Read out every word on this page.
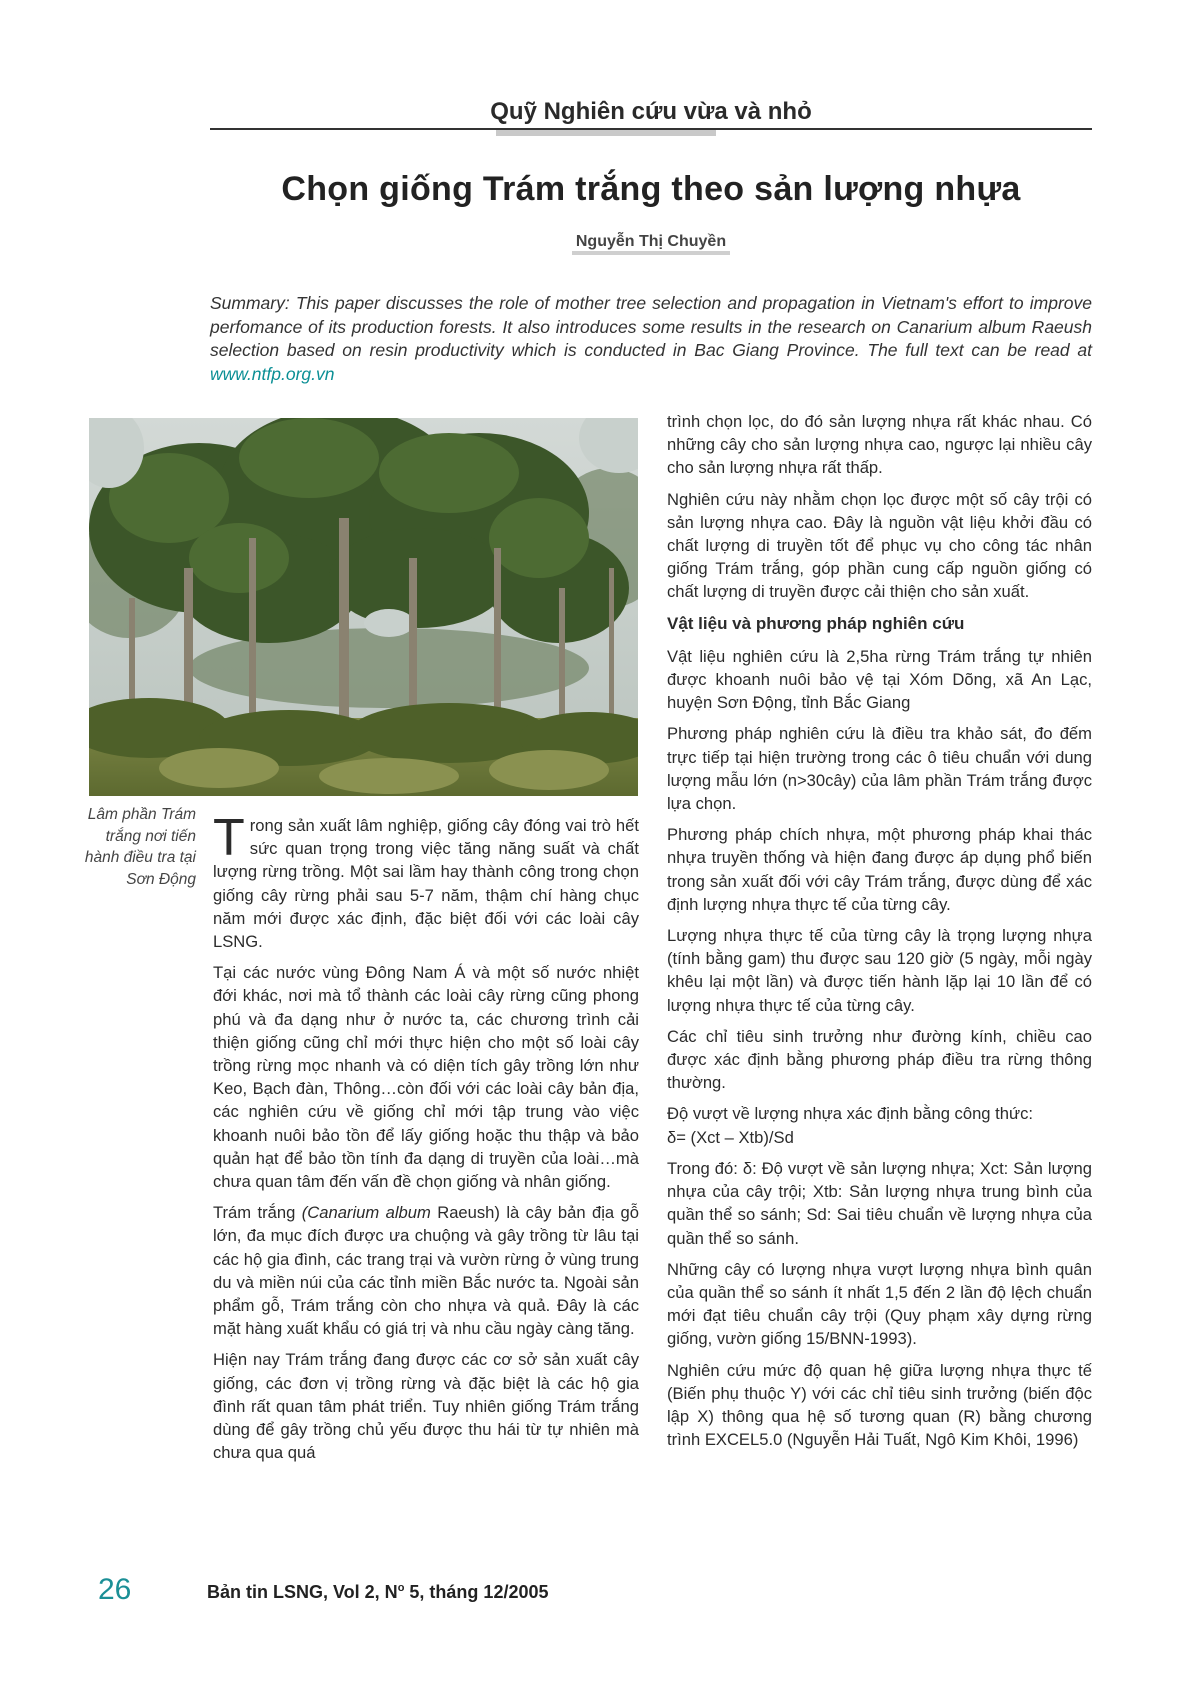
Quỹ Nghiên cứu vừa và nhỏ
Chọn giống Trám trắng theo sản lượng nhựa
Nguyễn Thị Chuyền

Summary: This paper discusses the role of mother tree selection and propagation in Vietnam's effort to improve perfomance of its production forests. It also introduces some results in the research on Canarium album Raeush selection based on resin productivity which is conducted in Bac Giang Province. The full text can be read at www.ntfp.org.vn

Lâm phần Trám trắng nơi tiến hành điều tra tại Sơn Động

Trong sản xuất lâm nghiệp, giống cây đóng vai trò hết sức quan trọng trong việc tăng năng suất và chất lượng rừng trồng. Một sai lầm hay thành công trong chọn giống cây rừng phải sau 5-7 năm, thậm chí hàng chục năm mới được xác định, đặc biệt đối với các loài cây LSNG.

Tại các nước vùng Đông Nam Á và một số nước nhiệt đới khác, nơi mà tổ thành các loài cây rừng cũng phong phú và đa dạng như ở nước ta, các chương trình cải thiện giống cũng chỉ mới thực hiện cho một số loài cây trồng rừng mọc nhanh và có diện tích gây trồng lớn như Keo, Bạch đàn, Thông…còn đối với các loài cây bản địa, các nghiên cứu về giống chỉ mới tập trung vào việc khoanh nuôi bảo tồn để lấy giống hoặc thu thập và bảo quản hạt để bảo tồn tính đa dạng di truyền của loài…mà chưa quan tâm đến vấn đề chọn giống và nhân giống.

Trám trắng (Canarium album Raeush) là cây bản địa gỗ lớn, đa mục đích được ưa chuộng và gây trồng từ lâu tại các hộ gia đình, các trang trại và vườn rừng ở vùng trung du và miền núi của các tỉnh miền Bắc nước ta. Ngoài sản phẩm gỗ, Trám trắng còn cho nhựa và quả. Đây là các mặt hàng xuất khẩu có giá trị và nhu cầu ngày càng tăng.

Hiện nay Trám trắng đang được các cơ sở sản xuất cây giống, các đơn vị trồng rừng và đặc biệt là các hộ gia đình rất quan tâm phát triển. Tuy nhiên giống Trám trắng dùng để gây trồng chủ yếu được thu hái từ tự nhiên mà chưa qua quá

trình chọn lọc, do đó sản lượng nhựa rất khác nhau. Có những cây cho sản lượng nhựa cao, ngược lại nhiều cây cho sản lượng nhựa rất thấp.

Nghiên cứu này nhằm chọn lọc được một số cây trội có sản lượng nhựa cao. Đây là nguồn vật liệu khởi đầu có chất lượng di truyền tốt để phục vụ cho công tác nhân giống Trám trắng, góp phần cung cấp nguồn giống có chất lượng di truyền được cải thiện cho sản xuất.

Vật liệu và phương pháp nghiên cứu

Vật liệu nghiên cứu là 2,5ha rừng Trám trắng tự nhiên được khoanh nuôi bảo vệ tại Xóm Dõng, xã An Lạc, huyện Sơn Động, tỉnh Bắc Giang

Phương pháp nghiên cứu là điều tra khảo sát, đo đếm trực tiếp tại hiện trường trong các ô tiêu chuẩn với dung lượng mẫu lớn (n>30cây) của lâm phần Trám trắng được lựa chọn.

Phương pháp chích nhựa, một phương pháp khai thác nhựa truyền thống và hiện đang được áp dụng phổ biến trong sản xuất đối với cây Trám trắng, được dùng để xác định lượng nhựa thực tế của từng cây.

Lượng nhựa thực tế của từng cây là trọng lượng nhựa (tính bằng gam) thu được sau 120 giờ (5 ngày, mỗi ngày khêu lại một lần) và được tiến hành lặp lại 10 lần để có lượng nhựa thực tế của từng cây.

Các chỉ tiêu sinh trưởng như đường kính, chiều cao được xác định bằng phương pháp điều tra rừng thông thường.

Độ vượt về lượng nhựa xác định bằng công thức:

δ= (Xct – Xtb)/Sd

Trong đó: δ: Độ vượt về sản lượng nhựa; Xct: Sản lượng nhựa của cây trội; Xtb: Sản lượng nhựa trung bình của quần thể so sánh; Sd: Sai tiêu chuẩn về lượng nhựa của quần thể so sánh.

Những cây có lượng nhựa vượt lượng nhựa bình quân của quần thể so sánh ít nhất 1,5 đến 2 lần độ lệch chuẩn mới đạt tiêu chuẩn cây trội (Quy phạm xây dựng rừng giống, vườn giống 15/BNN-1993).

Nghiên cứu mức độ quan hệ giữa lượng nhựa thực tế (Biến phụ thuộc Y) với các chỉ tiêu sinh trưởng (biến độc lập X) thông qua hệ số tương quan (R) bằng chương trình EXCEL5.0 (Nguyễn Hải Tuất, Ngô Kim Khôi, 1996)

26	Bản tin LSNG, Vol 2, $N^o$ 5, tháng 12/2005
